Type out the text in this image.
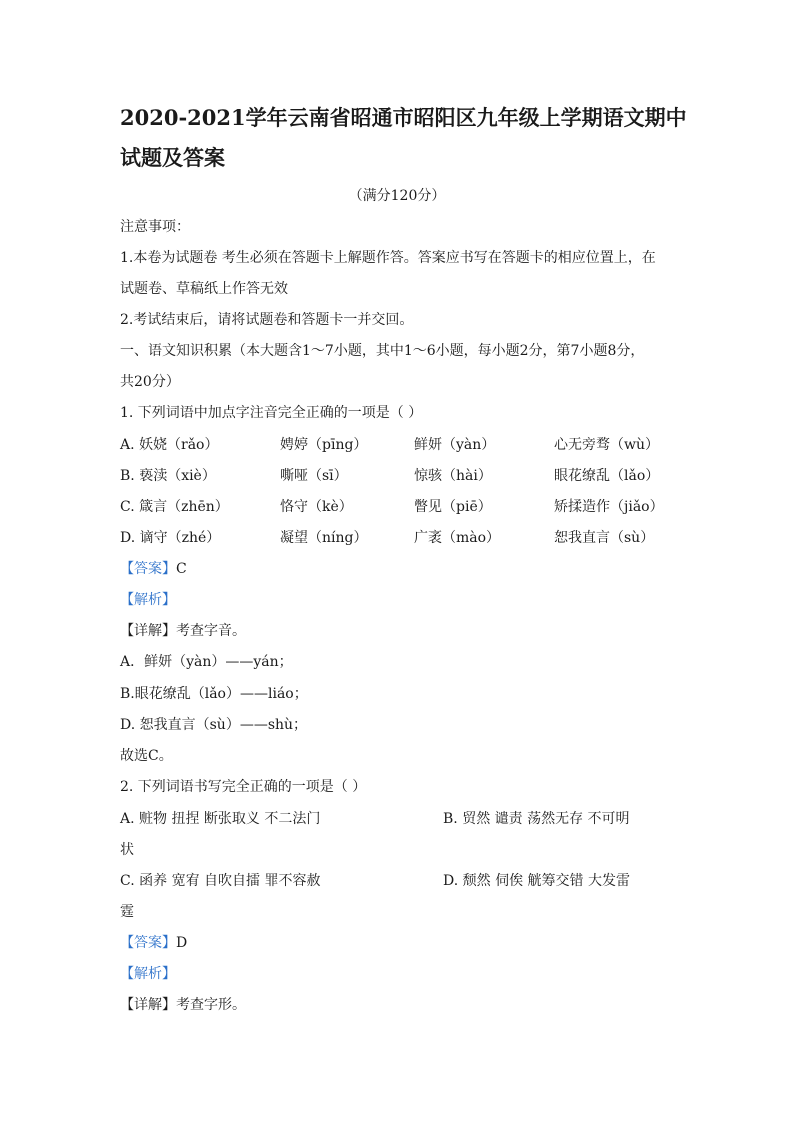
2020-2021学年云南省昭通市昭阳区九年级上学期语文期中
试题及答案
（满分120分）
注意事项：
1.本卷为试题卷 考生必须在答题卡上解题作答。答案应书写在答题卡的相应位置上，在
试题卷、草稿纸上作答无效
2.考试结束后，请将试题卷和答题卡一并交回。
一、语文知识积累（本大题含1～7小题，其中1～6小题，每小题2分，第7小题8分，
共20分）
1. 下列词语中加点字注音完全正确的一项是（ ）
A. 妖娆（rǎo）	娉婷（pīng）	鲜妍（yàn）	心无旁骛（wù）
B. 亵渎（xiè）	嘶哑（sī）	惊骇（hài）	眼花缭乱（lǎo）
C. 箴言（zhēn）	恪守（kè）	瞥见（piē）	矫揉造作（jiǎo）
D. 谪守（zhé）	凝望（níng）	广袤（mào）	恕我直言（sù）
【答案】C
【解析】
【详解】考查字音。
A．鲜妍（yàn）——yán；
B.眼花缭乱（lǎo）——liáo；
D. 恕我直言（sù）——shù；
故选C。
2. 下列词语书写完全正确的一项是（ ）
A. 赃物 扭捏 断张取义 不二法门	B. 贸然 谴责 荡然无存 不可明
状
C. 函养 宽宥 自吹自擂 罪不容赦	D. 颓然 伺俟 觥筹交错 大发雷
霆
【答案】D
【解析】
【详解】考查字形。
